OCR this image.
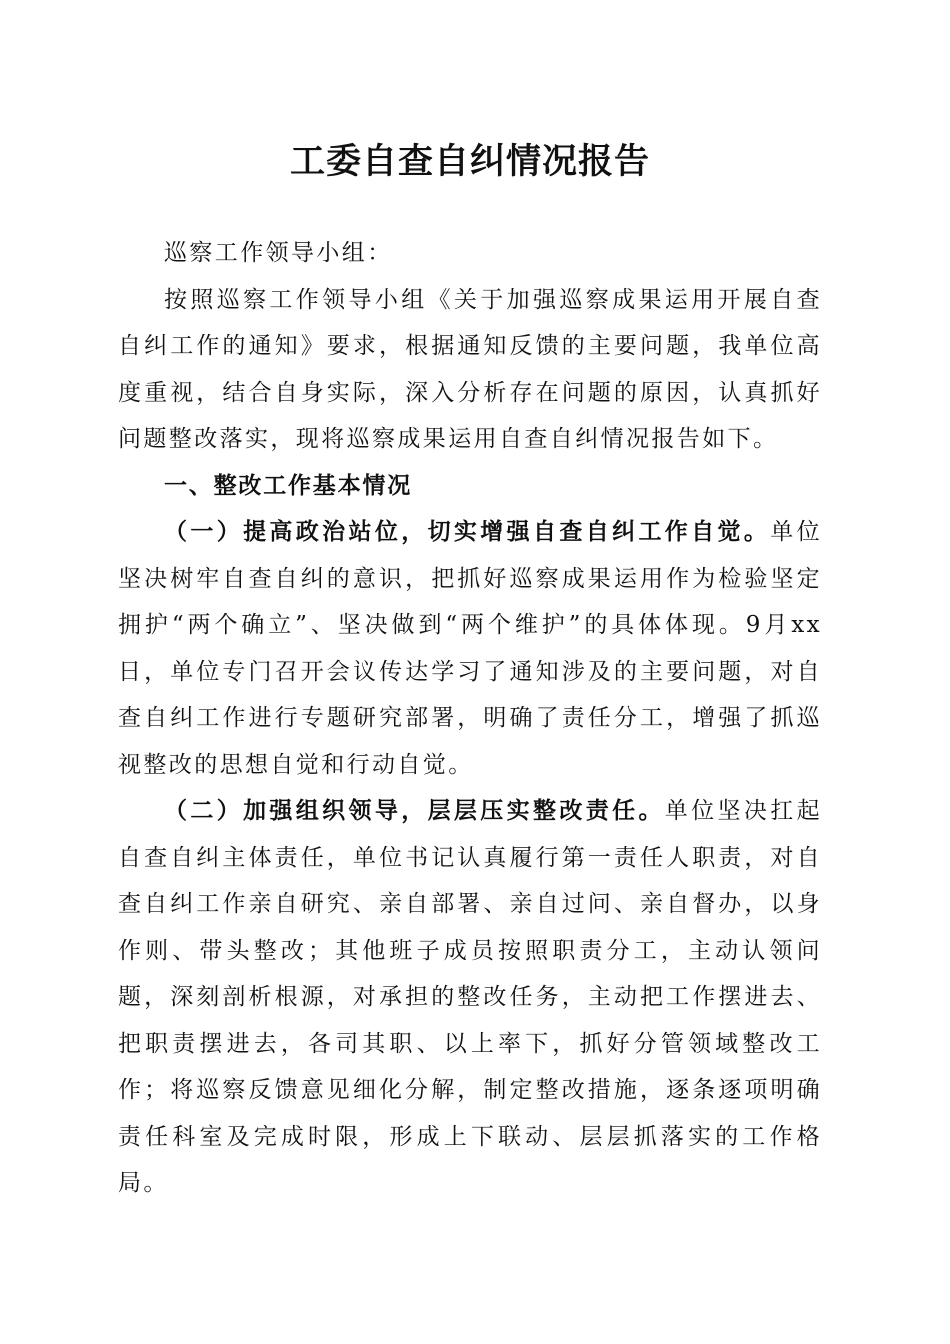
工委自查自纠情况报告

巡察工作领导小组：

按照巡察工作领导小组《关于加强巡察成果运用开展自查自纠工作的通知》要求，根据通知反馈的主要问题，我单位高度重视，结合自身实际，深入分析存在问题的原因，认真抓好问题整改落实，现将巡察成果运用自查自纠情况报告如下。

一、整改工作基本情况

（一）提高政治站位，切实增强自查自纠工作自觉。单位坚决树牢自查自纠的意识，把抓好巡察成果运用作为检验坚定拥护“两个确立”、坚决做到“两个维护”的具体体现。9月xx日，单位专门召开会议传达学习了通知涉及的主要问题，对自查自纠工作进行专题研究部署，明确了责任分工，增强了抓巡视整改的思想自觉和行动自觉。

（二）加强组织领导，层层压实整改责任。单位坚决扛起自查自纠主体责任，单位书记认真履行第一责任人职责，对自查自纠工作亲自研究、亲自部署、亲自过问、亲自督办，以身作则、带头整改；其他班子成员按照职责分工，主动认领问题，深刻剖析根源，对承担的整改任务，主动把工作摆进去、把职责摆进去，各司其职、以上率下，抓好分管领域整改工作；将巡察反馈意见细化分解，制定整改措施，逐条逐项明确责任科室及完成时限，形成上下联动、层层抓落实的工作格局。
